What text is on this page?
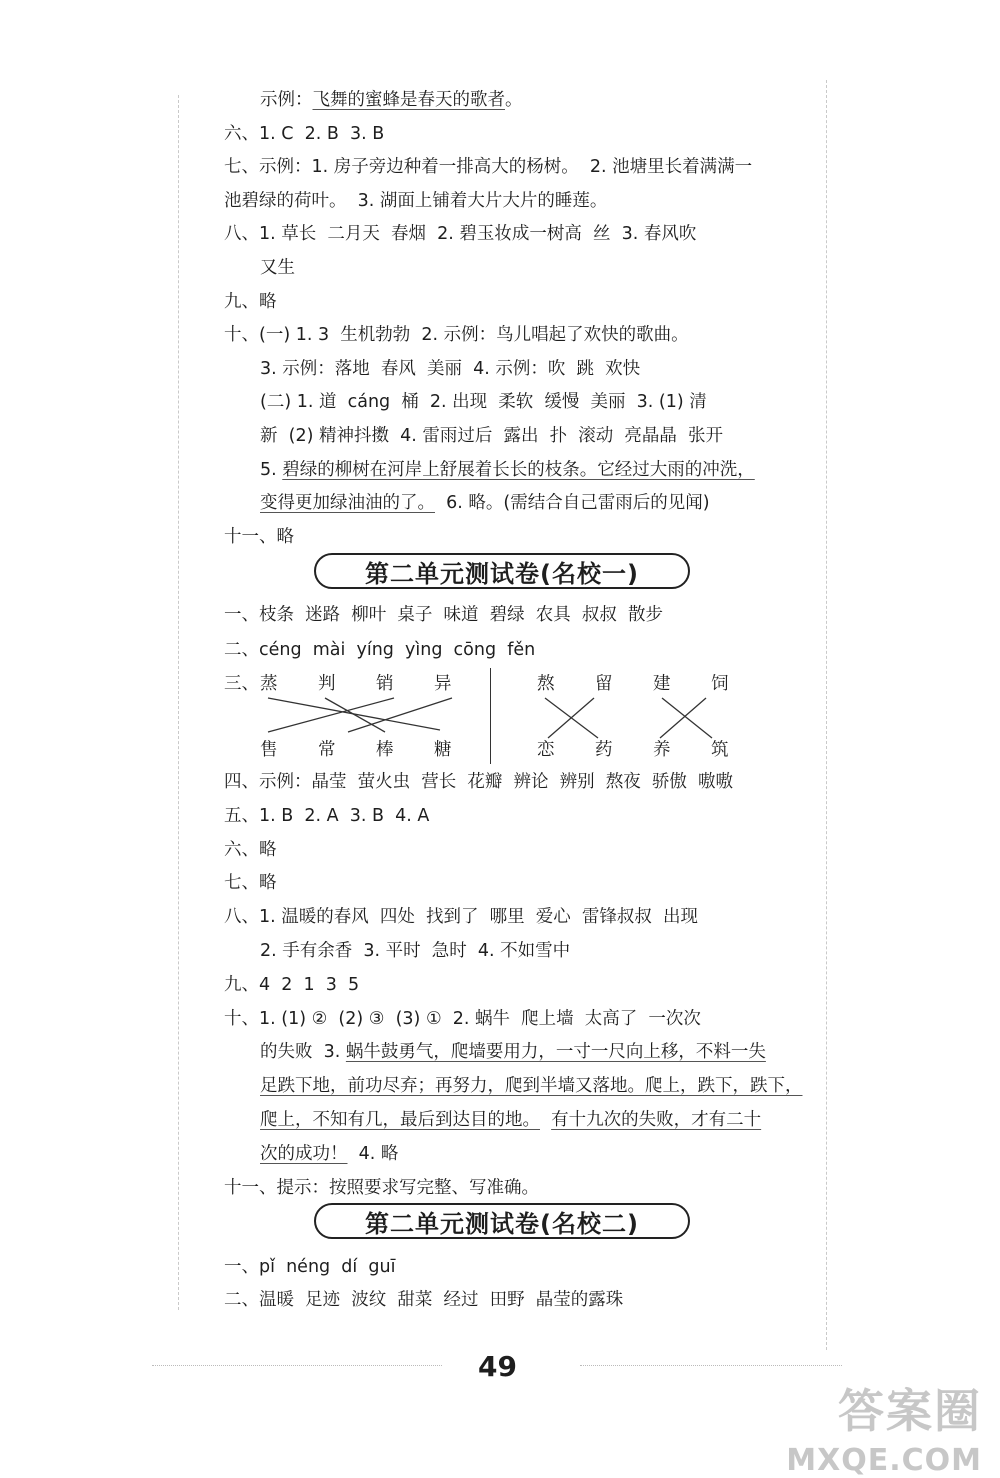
示例：飞舞的蜜蜂是春天的歌者。
六、1. C  2. B  3. B
七、示例：1. 房子旁边种着一排高大的杨树。  2. 池塘里长着满满一
池碧绿的荷叶。  3. 湖面上铺着大片大片的睡莲。
八、1. 草长  二月天  春烟  2. 碧玉妆成一树高  丝  3. 春风吹
又生
九、略
十、(一) 1. 3  生机勃勃  2. 示例：鸟儿唱起了欢快的歌曲。
3. 示例：落地  春风  美丽  4. 示例：吹  跳  欢快
(二) 1. 道  cáng  桶  2. 出现  柔软  缓慢  美丽  3. (1) 清
新  (2) 精神抖擞  4. 雷雨过后  露出  扑  滚动  亮晶晶  张开
5. 碧绿的柳树在河岸上舒展着长长的枝条。它经过大雨的冲洗，
变得更加绿油油的了。  6. 略。(需结合自己雷雨后的见闻)
十一、略
第二单元测试卷(名校一)
一、枝条  迷路  柳叶  桌子  味道  碧绿  农具  叔叔  散步
二、céng  mài  yíng  yìng  cōng  fěn
三、 蒸 判 销 异
售 常 棒 糖
熬 留 建 饲
恋 药 养 筑
四、示例：晶莹  萤火虫  营长  花瓣  辨论  辨别  熬夜  骄傲  嗷嗷
五、1. B  2. A  3. B  4. A
六、略
七、略
八、1. 温暖的春风  四处  找到了  哪里  爱心  雷锋叔叔  出现
2. 手有余香  3. 平时  急时  4. 不如雪中
九、4  2  1  3  5
十、1. (1) ②  (2) ③  (3) ①  2. 蜗牛  爬上墙  太高了  一次次
的失败  3. 蜗牛鼓勇气，爬墙要用力，一寸一尺向上移，不料一失
足跌下地，前功尽弃；再努力，爬到半墙又落地。爬上，跌下，跌下，
爬上，不知有几，最后到达目的地。 有十九次的失败，才有二十
次的成功！  4. 略
十一、提示：按照要求写完整、写准确。
第二单元测试卷(名校二)
一、pǐ  néng  dí  guī
二、温暖  足迹  波纹  甜菜  经过  田野  晶莹的露珠
49
答案圈
MXQE.COM
